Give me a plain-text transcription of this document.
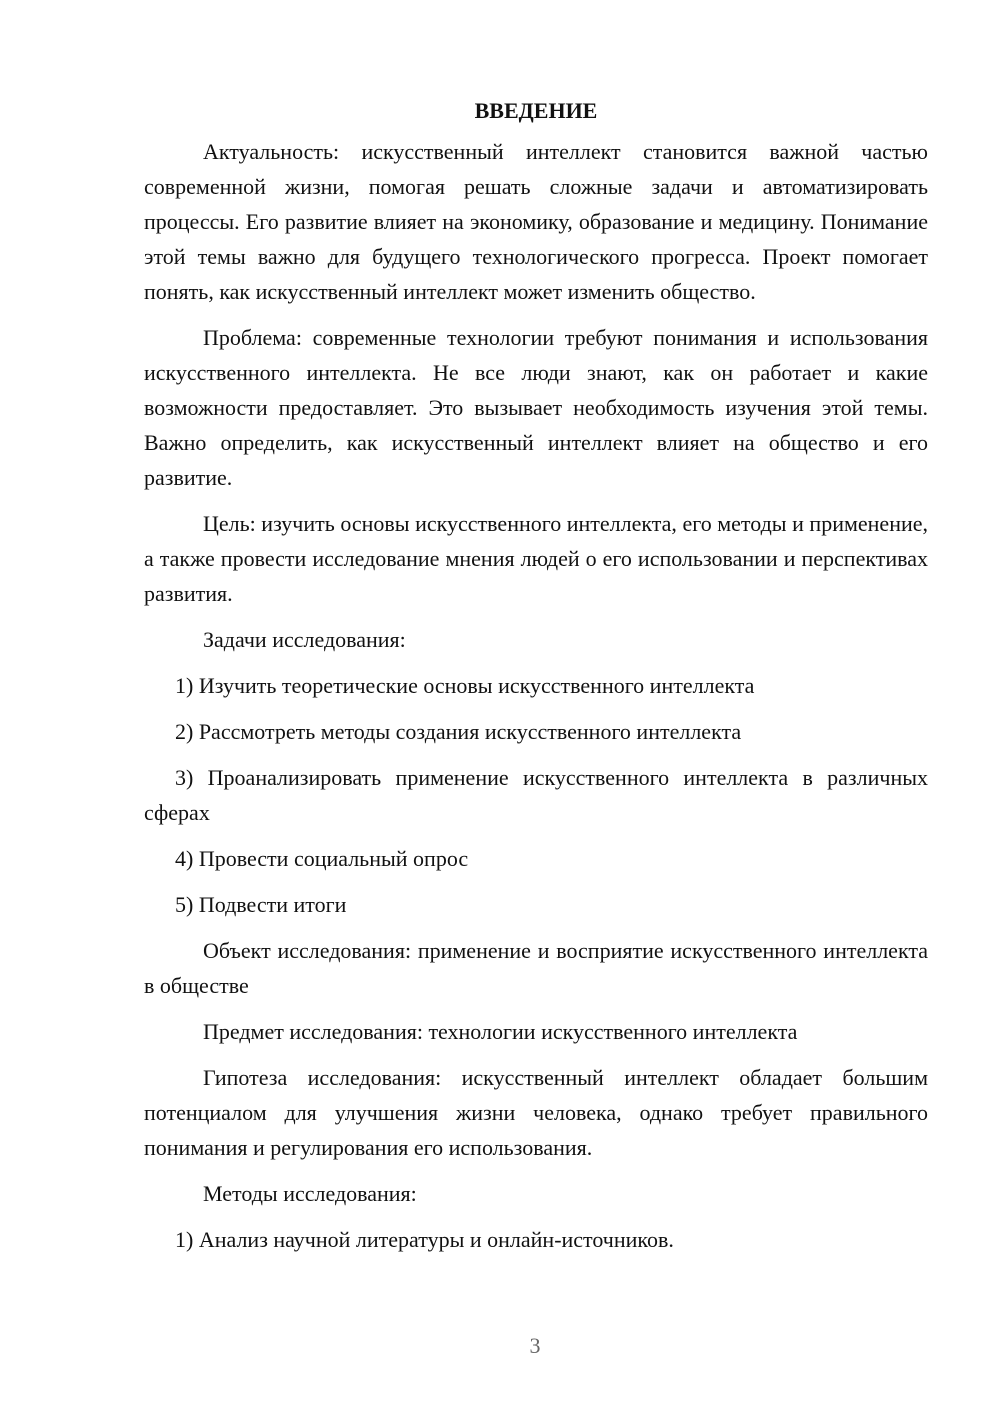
ВВЕДЕНИЕ

Актуальность: искусственный интеллект становится важной частью современной жизни, помогая решать сложные задачи и автоматизировать процессы. Его развитие влияет на экономику, образование и медицину. Понимание этой темы важно для будущего технологического прогресса. Проект помогает понять, как искусственный интеллект может изменить общество.

Проблема: современные технологии требуют понимания и использования искусственного интеллекта. Не все люди знают, как он работает и какие возможности предоставляет. Это вызывает необходимость изучения этой темы. Важно определить, как искусственный интеллект влияет на общество и его развитие.

Цель: изучить основы искусственного интеллекта, его методы и применение, а также провести исследование мнения людей о его использовании и перспективах развития.

Задачи исследования:

1) Изучить теоретические основы искусственного интеллекта

2) Рассмотреть методы создания искусственного интеллекта

3) Проанализировать применение искусственного интеллекта в различных сферах

4) Провести социальный опрос

5) Подвести итоги

Объект исследования: применение и восприятие искусственного интеллекта в обществе

Предмет исследования: технологии искусственного интеллекта

Гипотеза исследования: искусственный интеллект обладает большим потенциалом для улучшения жизни человека, однако требует правильного понимания и регулирования его использования.

Методы исследования:

1) Анализ научной литературы и онлайн-источников.

3
